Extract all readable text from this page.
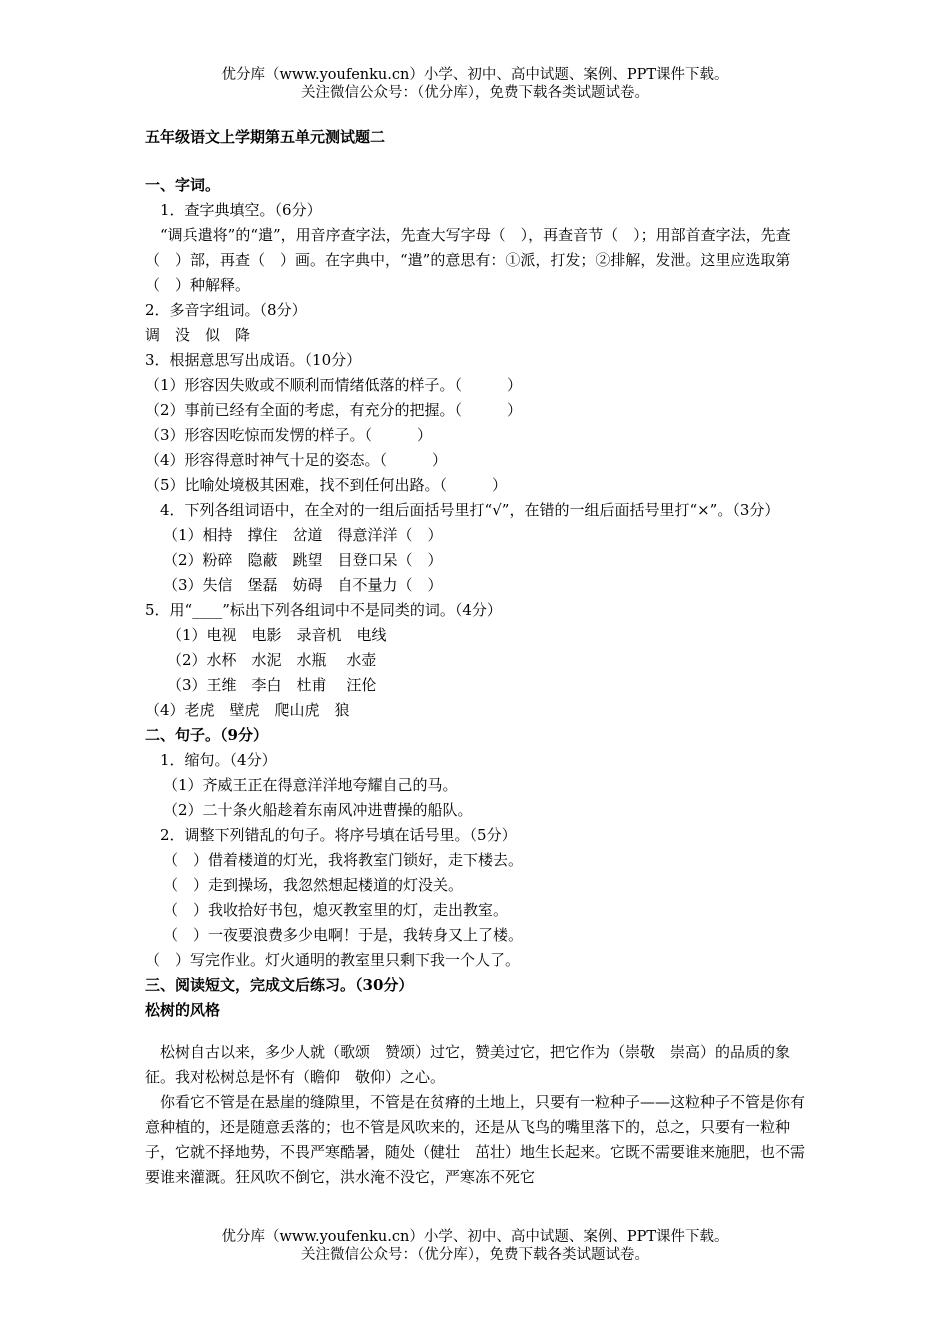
优分库（www.youfenku.cn）小学、初中、高中试题、案例、PPT课件下载。
关注微信公众号：（优分库），免费下载各类试题试卷。
五年级语文上学期第五单元测试题二
一、字词。
1．查字典填空。（6分）
“调兵遣将”的“遣”，用音序查字法，先查大写字母（　），再查音节（　）；用部首查字法，先查（　）部，再查（　）画。在字典中，“遣”的意思有：①派，打发；②排解，发泄。这里应选取第（　）种解释。
2．多音字组词。（8分）
调　没　似　降
3．根据意思写出成语。（10分）
（1）形容因失败或不顺利而情绪低落的样子。（　　　）
（2）事前已经有全面的考虑，有充分的把握。（　　　）
（3）形容因吃惊而发愣的样子。（　　　）
（4）形容得意时神气十足的姿态。（　　　）
（5）比喻处境极其困难，找不到任何出路。（　　　）
4．下列各组词语中，在全对的一组后面括号里打“√”，在错的一组后面括号里打“×”。（3分）
（1）相持　撑住　岔道　得意洋洋（　）
（2）粉碎　隐蔽　跳望　目登口呆（　）
（3）失信　堡磊　妨碍　自不量力（　）
5．用“____”标出下列各组词中不是同类的词。（4分）
（1）电视　电影　录音机　电线
（2）水杯　水泥　水瓶　 水壶
（3）王维　李白　杜甫　 汪伦
（4）老虎　壁虎　爬山虎　狼
二、句子。（9分）
1．缩句。（4分）
（1）齐威王正在得意洋洋地夸耀自己的马。
（2）二十条火船趁着东南风冲进曹操的船队。
2．调整下列错乱的句子。将序号填在话号里。（5分）
（　）借着楼道的灯光，我将教室门锁好，走下楼去。
（　）走到操场，我忽然想起楼道的灯没关。
（　）我收拾好书包，熄灭教室里的灯，走出教室。
（　）一夜要浪费多少电啊！于是，我转身又上了楼。
（　）写完作业。灯火通明的教室里只剩下我一个人了。
三、阅读短文，完成文后练习。（30分）
松树的风格
松树自古以来，多少人就（歌颂　赞颂）过它，赞美过它，把它作为（崇敬　崇高）的品质的象征。我对松树总是怀有（瞻仰　敬仰）之心。
你看它不管是在悬崖的缝隙里，不管是在贫瘠的土地上，只要有一粒种子——这粒种子不管是你有意种植的，还是随意丢落的；也不管是风吹来的，还是从飞鸟的嘴里落下的，总之，只要有一粒种子，它就不择地势，不畏严寒酷暑，随处（健壮　茁壮）地生长起来。它既不需要谁来施肥，也不需要谁来灌溉。狂风吹不倒它，洪水淹不没它，严寒冻不死它
优分库（www.youfenku.cn）小学、初中、高中试题、案例、PPT课件下载。
关注微信公众号：（优分库），免费下载各类试题试卷。
